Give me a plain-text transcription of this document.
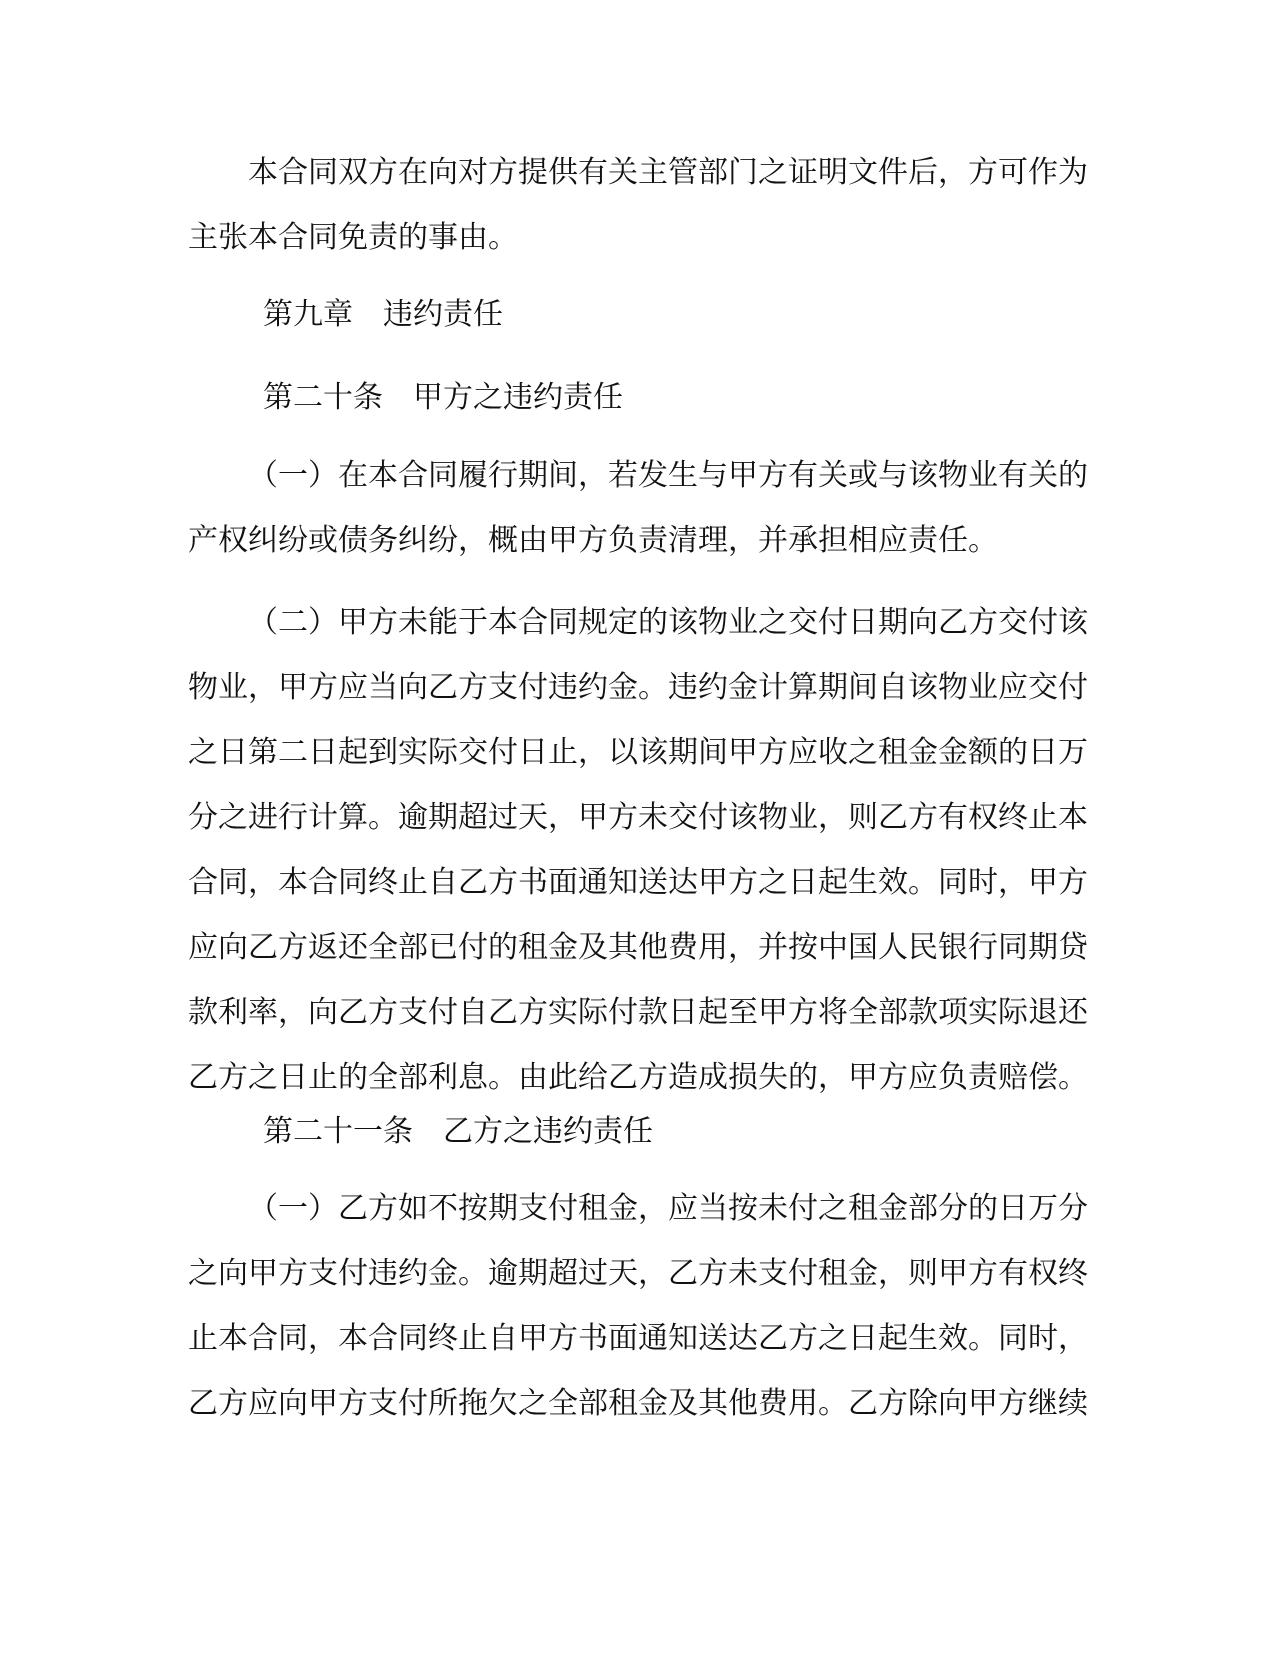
本合同双方在向对方提供有关主管部门之证明文件后，方可作为主张本合同免责的事由。

第九章 违约责任
第二十条 甲方之违约责任

（一）在本合同履行期间，若发生与甲方有关或与该物业有关的产权纠纷或债务纠纷，概由甲方负责清理，并承担相应责任。

（二）甲方未能于本合同规定的该物业之交付日期向乙方交付该物业，甲方应当向乙方支付违约金。违约金计算期间自该物业应交付之日第二日起到实际交付日止，以该期间甲方应收之租金金额的日万分之进行计算。逾期超过天，甲方未交付该物业，则乙方有权终止本合同，本合同终止自乙方书面通知送达甲方之日起生效。同时，甲方应向乙方返还全部已付的租金及其他费用，并按中国人民银行同期贷款利率，向乙方支付自乙方实际付款日起至甲方将全部款项实际退还乙方之日止的全部利息。由此给乙方造成损失的，甲方应负责赔偿。

第二十一条 乙方之违约责任

（一）乙方如不按期支付租金，应当按未付之租金部分的日万分之向甲方支付违约金。逾期超过天，乙方未支付租金，则甲方有权终止本合同，本合同终止自甲方书面通知送达乙方之日起生效。同时，乙方应向甲方支付所拖欠之全部租金及其他费用。乙方除向甲方继续
